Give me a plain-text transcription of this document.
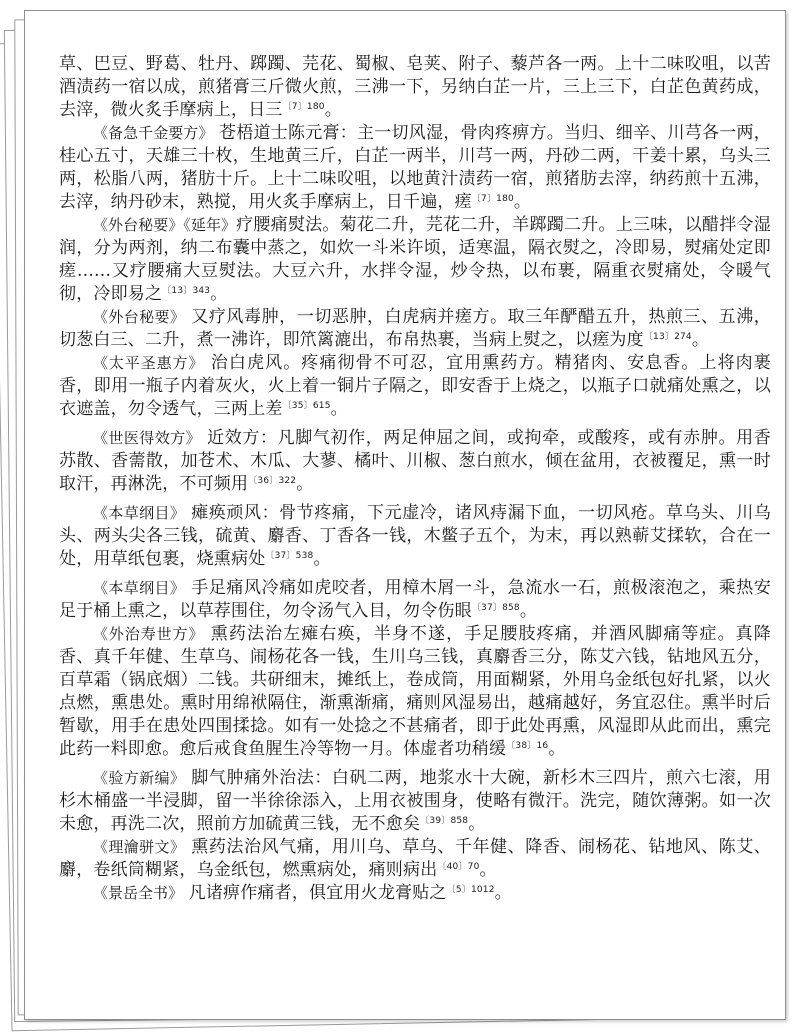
草、巴豆、野葛、牡丹、踯躅、芫花、蜀椒、皂荚、附子、藜芦各一两。上十二味㕮咀，以苦酒渍药一宿以成，煎猪膏三斤微火煎，三沸一下，另纳白芷一片，三上三下，白芷色黄药成，去滓，微火炙手摩病上，日三$^{〔7〕180}$。

《备急千金要方》 苍梧道士陈元膏：主一切风湿，骨肉疼痹方。当归、细辛、川芎各一两，桂心五寸，天雄三十枚，生地黄三斤，白芷一两半，川芎一两，丹砂二两，干姜十累，乌头三两，松脂八两，猪肪十斤。上十二味㕮咀，以地黄汁渍药一宿，煎猪肪去滓，纳药煎十五沸，去滓，纳丹砂末，熟搅，用火炙手摩病上，日千遍，瘥$^{〔7〕180}$。

《外台秘要》《延年》疗腰痛熨法。菊花二升，芫花二升，羊踯躅二升。上三味，以醋拌令湿润，分为两剂，纳二布囊中蒸之，如炊一斗米许顷，适寒温，隔衣熨之，冷即易，熨痛处定即瘥……又疗腰痛大豆熨法。大豆六升，水拌令湿，炒令热，以布裹，隔重衣熨痛处，令暖气彻，冷即易之$^{〔13〕343}$。

《外台秘要》 又疗风毒肿，一切恶肿，白虎病并瘥方。取三年酽醋五升，热煎三、五沸，切葱白三、二升，煮一沸许，即笊篱漉出，布帛热裹，当病上熨之，以瘥为度$^{〔13〕274}$。

《太平圣惠方》 治白虎风。疼痛彻骨不可忍，宜用熏药方。精猪肉、安息香。上将肉裹香，即用一瓶子内着灰火，火上着一铜片子隔之，即安香于上烧之，以瓶子口就痛处熏之，以衣遮盖，勿令透气，三两上差$^{〔35〕615}$。

《世医得效方》 近效方：凡脚气初作，两足伸屈之间，或拘牵，或酸疼，或有赤肿。用香苏散、香薷散，加苍术、木瓜、大蓼、橘叶、川椒、葱白煎水，倾在盆用，衣被覆足，熏一时取汗，再淋洗，不可频用$^{〔36〕322}$。

《本草纲目》 瘫痪顽风：骨节疼痛，下元虚冷，诸风痔漏下血，一切风疮。草乌头、川乌头、两头尖各三钱，硫黄、麝香、丁香各一钱，木鳖子五个，为末，再以熟蕲艾揉软，合在一处，用草纸包裹，烧熏病处$^{〔37〕538}$。

《本草纲目》 手足痛风冷痛如虎咬者，用樟木屑一斗，急流水一石，煎极滚泡之，乘热安足于桶上熏之，以草荐围住，勿令汤气入目，勿令伤眼$^{〔37〕858}$。

《外治寿世方》 熏药法治左瘫右痪，半身不遂，手足腰肢疼痛，并酒风脚痛等症。真降香、真千年健、生草乌、闹杨花各一钱，生川乌三钱，真麝香三分，陈艾六钱，钻地风五分，百草霜（锅底烟）二钱。共研细末，摊纸上，卷成筒，用面糊紧，外用乌金纸包好扎紧，以火点燃，熏患处。熏时用绵袱隔住，渐熏渐痛，痛则风湿易出，越痛越好，务宜忍住。熏半时后暂歇，用手在患处四围揉捻。如有一处捻之不甚痛者，即于此处再熏，风湿即从此而出，熏完此药一料即愈。愈后戒食鱼腥生冷等物一月。体虚者功稍缓$^{〔38〕16}$。

《验方新编》 脚气肿痛外治法：白矾二两，地浆水十大碗，新杉木三四片，煎六七滚，用杉木桶盛一半浸脚，留一半徐徐添入，上用衣被围身，使略有微汗。洗完，随饮薄粥。如一次未愈，再洗二次，照前方加硫黄三钱，无不愈矣$^{〔39〕858}$。

《理瀹骈文》 熏药法治风气痛，用川乌、草乌、千年健、降香、闹杨花、钻地风、陈艾、麝，卷纸筒糊紧，乌金纸包，燃熏病处，痛则病出$^{〔40〕70}$。

《景岳全书》 凡诸痹作痛者，俱宜用火龙膏贴之$^{〔5〕1012}$。
